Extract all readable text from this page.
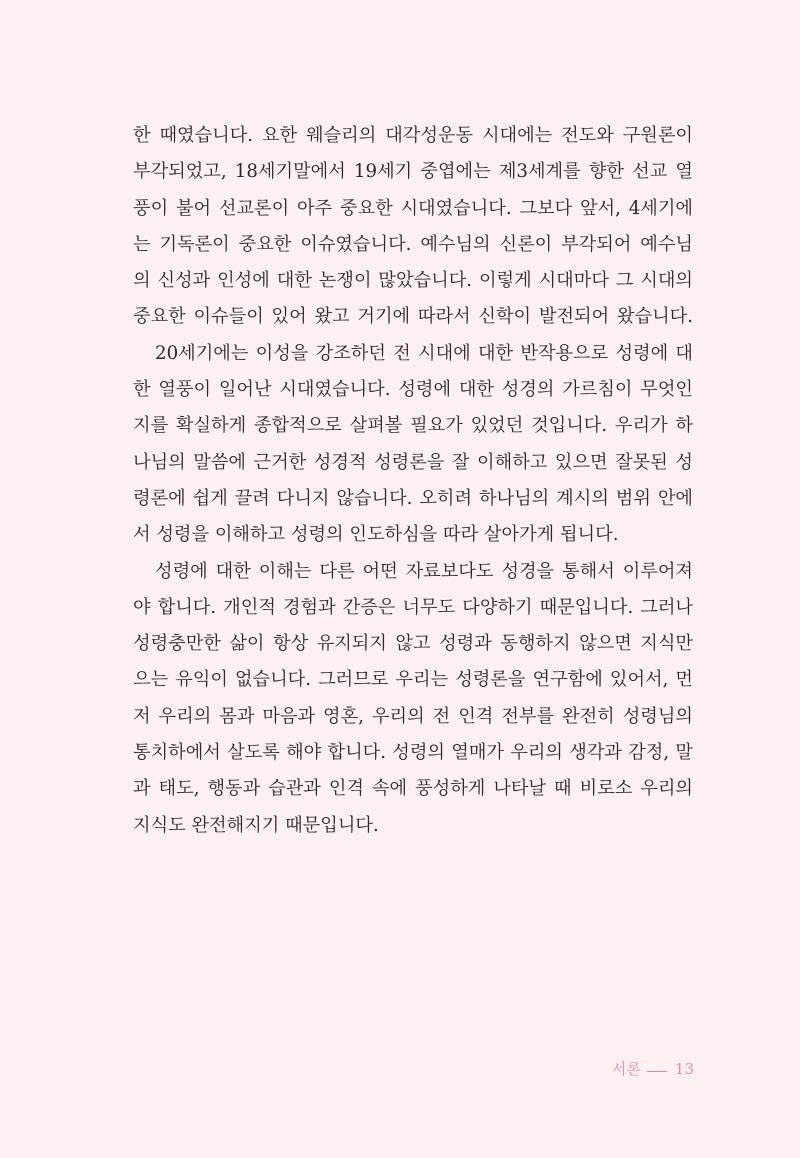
한 때였습니다. 요한 웨슬리의 대각성운동 시대에는 전도와 구원론이
부각되었고, 18세기말에서 19세기 중엽에는 제3세계를 향한 선교 열
풍이 불어 선교론이 아주 중요한 시대였습니다. 그보다 앞서, 4세기에
는 기독론이 중요한 이슈였습니다. 예수님의 신론이 부각되어 예수님
의 신성과 인성에 대한 논쟁이 많았습니다. 이렇게 시대마다 그 시대의
중요한 이슈들이 있어 왔고 거기에 따라서 신학이 발전되어 왔습니다.
20세기에는 이성을 강조하던 전 시대에 대한 반작용으로 성령에 대
한 열풍이 일어난 시대였습니다. 성령에 대한 성경의 가르침이 무엇인
지를 확실하게 종합적으로 살펴볼 필요가 있었던 것입니다. 우리가 하
나님의 말씀에 근거한 성경적 성령론을 잘 이해하고 있으면 잘못된 성
령론에 쉽게 끌려 다니지 않습니다. 오히려 하나님의 계시의 범위 안에
서 성령을 이해하고 성령의 인도하심을 따라 살아가게 됩니다.
성령에 대한 이해는 다른 어떤 자료보다도 성경을 통해서 이루어져
야 합니다. 개인적 경험과 간증은 너무도 다양하기 때문입니다. 그러나
성령충만한 삶이 항상 유지되지 않고 성령과 동행하지 않으면 지식만
으는 유익이 없습니다. 그러므로 우리는 성령론을 연구함에 있어서, 먼
저 우리의 몸과 마음과 영혼, 우리의 전 인격 전부를 완전히 성령님의
통치하에서 살도록 해야 합니다. 성령의 열매가 우리의 생각과 감정, 말
과 태도, 행동과 습관과 인격 속에 풍성하게 나타날 때 비로소 우리의
지식도 완전해지기 때문입니다.
서론 13
